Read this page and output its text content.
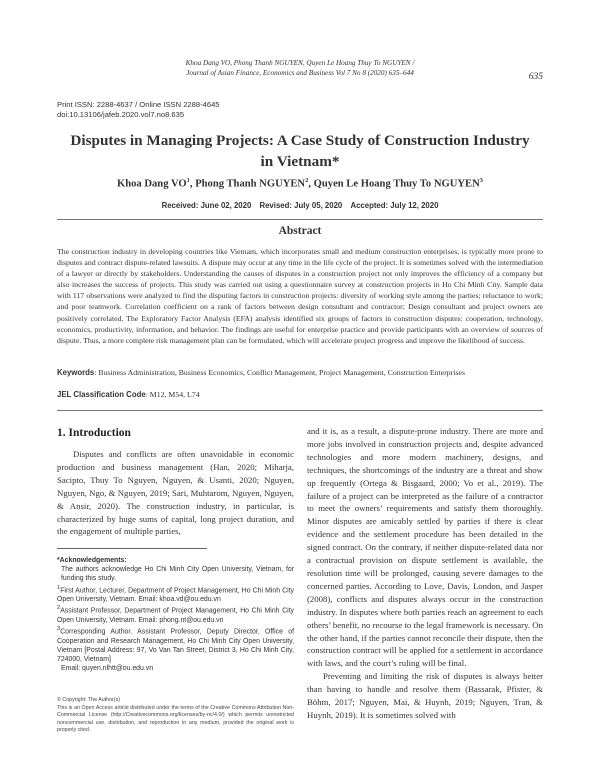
Khoa Dang VO, Phong Thanh NGUYEN, Quyen Le Hoang Thuy To NGUYEN /
Journal of Asian Finance, Economics and Business Vol 7 No 8 (2020) 635–644	635
Print ISSN: 2288-4637 / Online ISSN 2288-4645
doi:10.13106/jafeb.2020.vol7.no8.635
Disputes in Managing Projects: A Case Study of Construction Industry in Vietnam*
Khoa Dang $VO^1$, Phong Thanh NGUYEN$^2$, Quyen Le Hoang Thuy To NGUYEN$^3$
Received: June 02, 2020 Revised: July 05, 2020 Accepted: July 12, 2020
Abstract
The construction industry in developing countries like Vietnam, which incorporates small and medium construction enterprises, is typically more prone to disputes and contract dispute-related lawsuits. A dispute may occur at any time in the life cycle of the project. It is sometimes solved with the intermediation of a lawyer or directly by stakeholders. Understanding the causes of disputes in a construction project not only improves the efficiency of a company but also increases the success of projects. This study was carried out using a questionnaire survey at construction projects in Ho Chi Minh City. Sample data with 117 observations were analyzed to find the disputing factors in construction projects: diversity of working style among the parties; reluctance to work; and poor teamwork. Correlation coefficient on a rank of factors between design consultant and contractor; Design consultant and project owners are positively correlated. The Exploratory Factor Analysis (EFA) analysis identified six groups of factors in construction disputes: cooperation, technology, economics, productivity, information, and behavior. The findings are useful for enterprise practice and provide participants with an overview of sources of dispute. Thus, a more complete risk management plan can be formulated, which will accelerate project progress and improve the likelihood of success.
Keywords: Business Administration, Business Economics, Conflict Management, Project Management, Construction Enterprises
JEL Classification Code: M12, M54, L74
1. Introduction

Disputes and conflicts are often unavoidable in economic production and business management (Han, 2020; Miharja, Sacipto, Thuy To Nguyen, Nguyen, & Usanti, 2020; Nguyen, Nguyen, Ngo, & Nguyen, 2019; Sari, Muhtarom, Nguyen, Nguyen, & Ansir, 2020). The construction industry, in particular, is characterized by huge sums of capital, long project duration, and the engagement of multiple parties,

and it is, as a result, a dispute-prone industry. There are more and more jobs involved in construction projects and, despite advanced technologies and more modern machinery, designs, and techniques, the shortcomings of the industry are a threat and show up frequently (Ortega & Bisgaard, 2000; Vo et al., 2019). The failure of a project can be interpreted as the failure of a contractor to meet the owners’ requirements and satisfy them thoroughly. Minor disputes are amicably settled by parties if there is clear evidence and the settlement procedure has been detailed in the signed contract. On the contrary, if neither dispute-related data nor a contractual provision on dispute settlement is available, the resolution time will be prolonged, causing severe damages to the concerned parties. According to Love, Davis, London, and Jasper (2008), conflicts and disputes always occur in the construction industry. In disputes where both parties reach an agreement to each others’ benefit, no recourse to the legal framework is necessary. On the other hand, if the parties cannot reconcile their dispute, then the construction contract will be applied for a settlement in accordance with laws, and the court’s ruling will be final.

Preventing and limiting the risk of disputes is always better than having to handle and resolve them (Bassarak, Pfister, & Böhm, 2017; Nguyen, Mai, & Huynh, 2019; Nguyen, Tran, & Huynh, 2019). It is sometimes solved with

*Acknowledgements:

The authors acknowledge Ho Chi Minh City Open University, Vietnam, for funding this study.

$^1$First Author, Lecturer, Department of Project Management, Ho Chi Minh City Open University, Vietnam. Email: khoa.vd@ou.edu.vn

$^2$Assistant Professor, Department of Project Management, Ho Chi Minh City Open University, Vietnam. Email: phong.nt@ou.edu.vn

$^3$Corresponding Author. Assistant Professor, Deputy Director, Office of Cooperation and Research Management, Ho Chi Minh City Open University, Vietnam [Postal Address: 97, Vo Van Tan Street, District 3, Ho Chi Minh City, 724000, Vietnam]

Email: quyen.nlhtt@ou.edu.vn

© Copyright: The Author(s)

This is an Open Access article distributed under the terms of the Creative Commons Attribution Non-Commercial License (http://Creativecommons.org/licenses/by-nc/4.0/) which permits unrestricted noncommercial use, distribution, and reproduction in any medium, provided the original work is properly cited.
